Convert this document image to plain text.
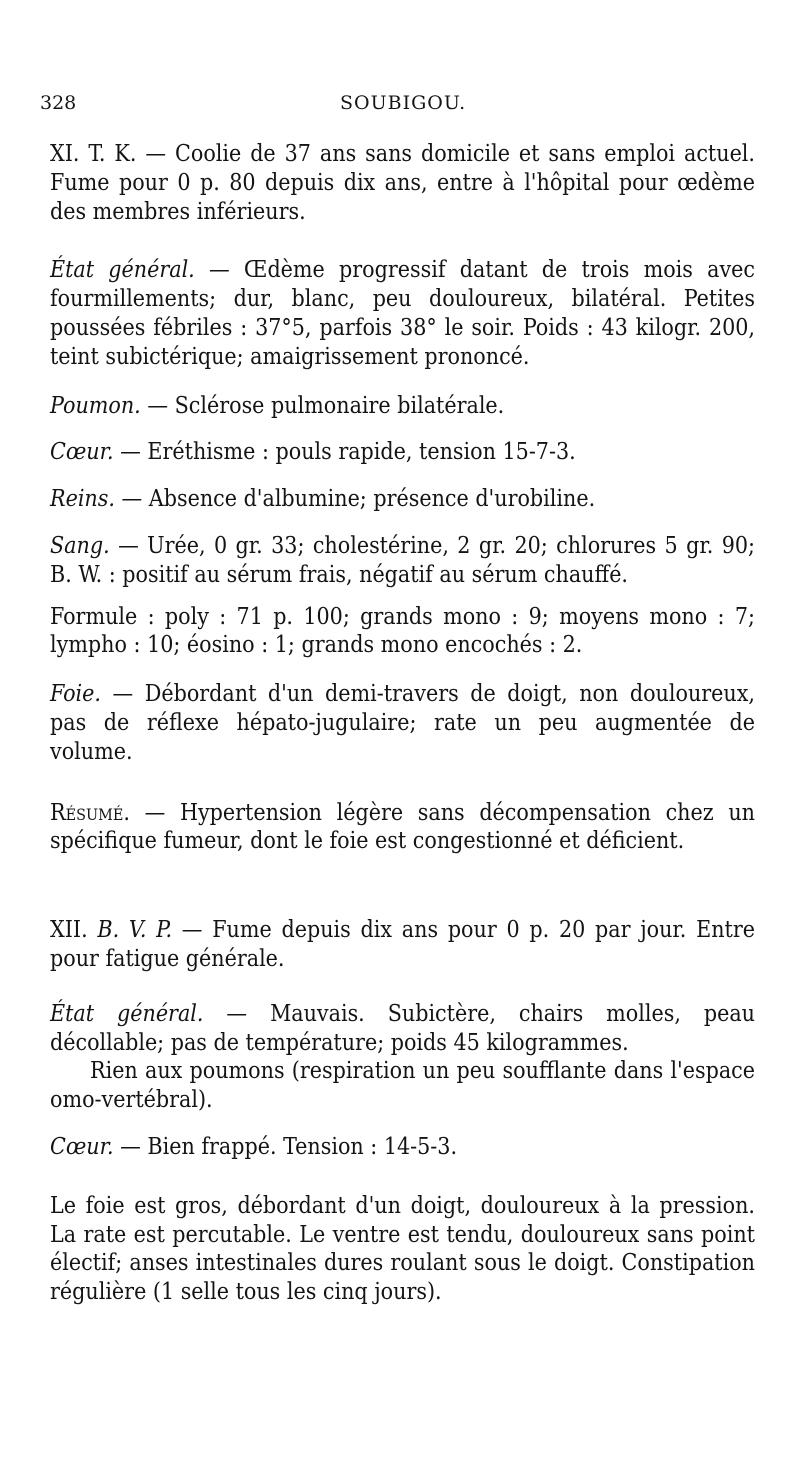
328	SOUBIGOU.

XI. T. K. — Coolie de 37 ans sans domicile et sans emploi actuel. Fume pour 0 p. 80 depuis dix ans, entre à l'hôpital pour œdème des membres inférieurs.

État général. — Œdème progressif datant de trois mois avec fourmillements; dur, blanc, peu douloureux, bilatéral. Petites poussées fébriles : 37°5, parfois 38° le soir. Poids : 43 kilogr. 200, teint subictérique; amaigrissement prononcé.

Poumon. — Sclérose pulmonaire bilatérale.

Cœur. — Eréthisme : pouls rapide, tension 15-7-3.

Reins. — Absence d'albumine; présence d'urobiline.

Sang. — Urée, 0 gr. 33; cholestérine, 2 gr. 20; chlorures 5 gr. 90; B. W. : positif au sérum frais, négatif au sérum chauffé.

Formule : poly : 71 p. 100; grands mono : 9; moyens mono : 7; lympho : 10; éosino : 1; grands mono encochés : 2.

Foie. — Débordant d'un demi-travers de doigt, non douloureux, pas de réflexe hépato-jugulaire; rate un peu augmentée de volume.

Résumé. — Hypertension légère sans décompensation chez un spécifique fumeur, dont le foie est congestionné et déficient.

XII. B. V. P. — Fume depuis dix ans pour 0 p. 20 par jour. Entre pour fatigue générale.

État général. — Mauvais. Subictère, chairs molles, peau décollable; pas de température; poids 45 kilogrammes.

Rien aux poumons (respiration un peu soufflante dans l'espace omo-vertébral).

Cœur. — Bien frappé. Tension : 14-5-3.

Le foie est gros, débordant d'un doigt, douloureux à la pression. La rate est percutable. Le ventre est tendu, douloureux sans point électif; anses intestinales dures roulant sous le doigt. Constipation régulière (1 selle tous les cinq jours).
